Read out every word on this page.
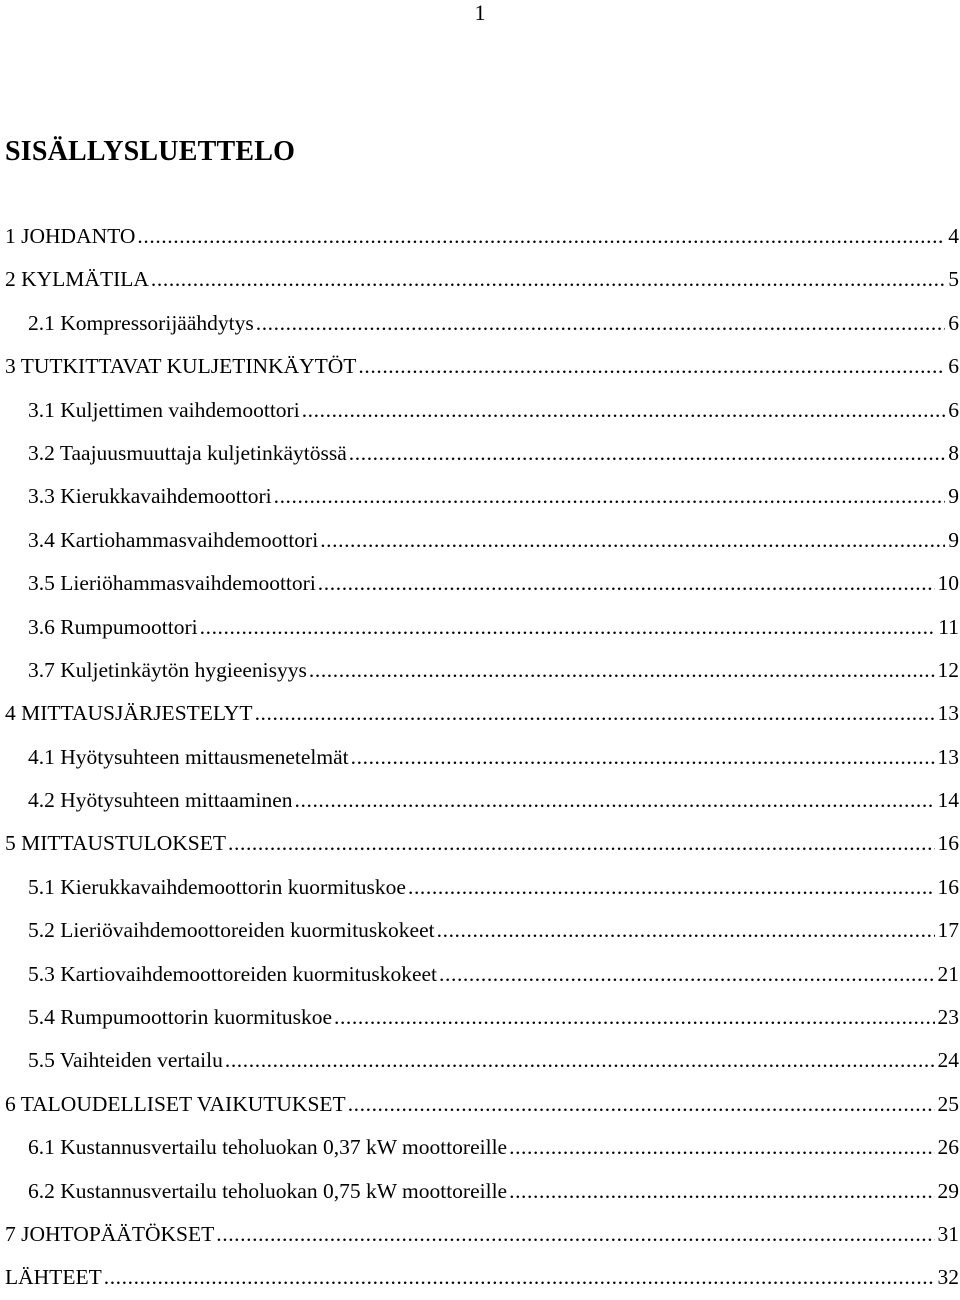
1
SISÄLLYSLUETTELO
1 JOHDANTO .....	4
2 KYLMÄTILA .....	5
2.1 Kompressorijäähdytys .....	6
3 TUTKITTAVAT KULJETINKÄYTÖT .....	6
3.1 Kuljettimen vaihdemoottori .....	6
3.2 Taajuusmuuttaja kuljetinkäytössä .....	8
3.3 Kierukkavaihdemoottori .....	9
3.4 Kartiohammasvaihdemoottori .....	9
3.5 Lieriöhammasvaihdemoottori .....	10
3.6 Rumpumoottori .....	11
3.7 Kuljetinkäytön hygieenisyys .....	12
4 MITTAUSJÄRJESTELYT .....	13
4.1 Hyötysuhteen mittausmenetelmät .....	13
4.2 Hyötysuhteen mittaaminen .....	14
5 MITTAUSTULOKSET .....	16
5.1 Kierukkavaihdemoottorin kuormituskoe .....	16
5.2 Lieriövaihdemoottoreiden kuormituskokeet .....	17
5.3 Kartiovaihdemoottoreiden kuormituskokeet .....	21
5.4 Rumpumoottorin kuormituskoe .....	23
5.5 Vaihteiden vertailu .....	24
6 TALOUDELLISET VAIKUTUKSET .....	25
6.1 Kustannusvertailu teholuokan 0,37 kW moottoreille .....	26
6.2 Kustannusvertailu teholuokan 0,75 kW moottoreille .....	29
7 JOHTOPÄÄTÖKSET .....	31
LÄHTEET .....	32
